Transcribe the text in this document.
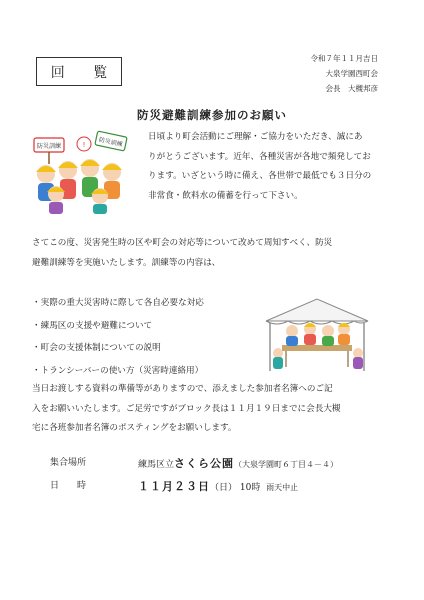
回 覧
令和７年１１月吉日
大泉学園西町会
会長　大槻邦彦
防災避難訓練参加のお願い
防災訓練	防災訓練
!
日頃より町会活動にご理解・ご協力をいただき、誠にあ
りがとうございます。近年、各種災害が各地で頻発してお
ります。いざという時に備え、各世帯で最低でも３日分の
非常食・飲料水の備蓄を行って下さい。
さてこの度、災害発生時の区や町会の対応等について改めて周知すべく、防災
避難訓練等を実施いたします。訓練等の内容は、
・実際の重大災害時に際して各自必要な対応
・練馬区の支援や避難について
・町会の支援体制についての説明
・トランシーバーの使い方（災害時連絡用）
当日お渡しする資料の準備等がありますので、添えました参加者名簿へのご記
入をお願いいたします。ご足労ですがブロック長は１１月１９日までに会長大槻
宅に各班参加者名簿のポスティングをお願いします。
集合場所	練馬区立さくら公園（大泉学園町６丁目４－４）
日　　時	１１月２３日（日） 10時 雨天中止
